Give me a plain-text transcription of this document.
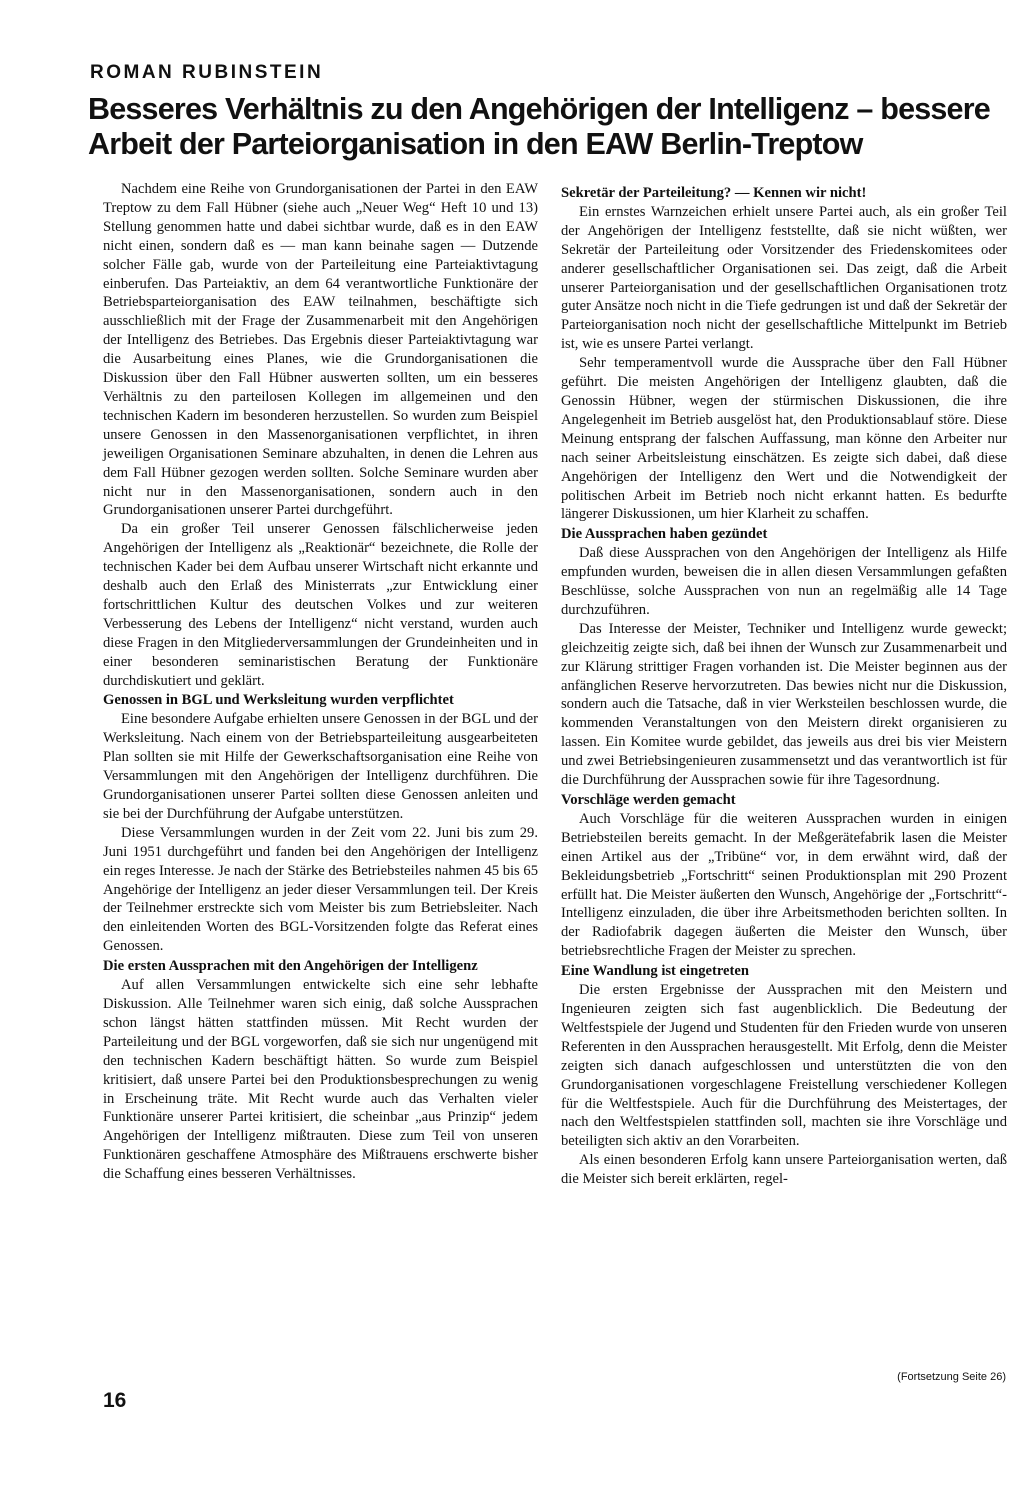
ROMAN RUBINSTEIN
Besseres Verhältnis zu den Angehörigen der Intelligenz – bessere
Arbeit der Parteiorganisation in den EAW Berlin-Treptow

Nachdem eine Reihe von Grundorganisationen der Partei in den EAW Treptow zu dem Fall Hübner (siehe auch „Neuer Weg“ Heft 10 und 13) Stellung genommen hatte und dabei sichtbar wurde, daß es in den EAW nicht einen, sondern daß es — man kann beinahe sagen — Dutzende solcher Fälle gab, wurde von der Parteileitung eine Parteiaktivtagung einberufen. Das Parteiaktiv, an dem 64 verantwortliche Funktionäre der Betriebsparteiorganisation des EAW teilnahmen, beschäftigte sich ausschließlich mit der Frage der Zusammenarbeit mit den Angehörigen der Intelligenz des Betriebes. Das Ergebnis dieser Parteiaktivtagung war die Ausarbeitung eines Planes, wie die Grundorganisationen die Diskussion über den Fall Hübner auswerten sollten, um ein besseres Verhältnis zu den parteilosen Kollegen im allgemeinen und den technischen Kadern im besonderen herzustellen. So wurden zum Beispiel unsere Genossen in den Massenorganisationen verpflichtet, in ihren jeweiligen Organisationen Seminare abzuhalten, in denen die Lehren aus dem Fall Hübner gezogen werden sollten. Solche Seminare wurden aber nicht nur in den Massenorganisationen, sondern auch in den Grundorganisationen unserer Partei durchgeführt.

Da ein großer Teil unserer Genossen fälschlicherweise jeden Angehörigen der Intelligenz als „Reaktionär“ bezeichnete, die Rolle der technischen Kader bei dem Aufbau unserer Wirtschaft nicht erkannte und deshalb auch den Erlaß des Ministerrats „zur Entwicklung einer fortschrittlichen Kultur des deutschen Volkes und zur weiteren Verbesserung des Lebens der Intelligenz“ nicht verstand, wurden auch diese Fragen in den Mitgliederversammlungen der Grundeinheiten und in einer besonderen seminaristischen Beratung der Funktionäre durchdiskutiert und geklärt.

Genossen in BGL und Werksleitung wurden verpflichtet

Eine besondere Aufgabe erhielten unsere Genossen in der BGL und der Werksleitung. Nach einem von der Betriebsparteileitung ausgearbeiteten Plan sollten sie mit Hilfe der Gewerkschaftsorganisation eine Reihe von Versammlungen mit den Angehörigen der Intelligenz durchführen. Die Grundorganisationen unserer Partei sollten diese Genossen anleiten und sie bei der Durchführung der Aufgabe unterstützen.

Diese Versammlungen wurden in der Zeit vom 22. Juni bis zum 29. Juni 1951 durchgeführt und fanden bei den Angehörigen der Intelligenz ein reges Interesse. Je nach der Stärke des Betriebsteiles nahmen 45 bis 65 Angehörige der Intelligenz an jeder dieser Versammlungen teil. Der Kreis der Teilnehmer erstreckte sich vom Meister bis zum Betriebsleiter. Nach den einleitenden Worten des BGL-Vorsitzenden folgte das Referat eines Genossen.

Die ersten Aussprachen mit den Angehörigen der Intelligenz

Auf allen Versammlungen entwickelte sich eine sehr lebhafte Diskussion. Alle Teilnehmer waren sich einig, daß solche Aussprachen schon längst hätten stattfinden müssen. Mit Recht wurden der Parteileitung und der BGL vorgeworfen, daß sie sich nur ungenügend mit den technischen Kadern beschäftigt hätten. So wurde zum Beispiel kritisiert, daß unsere Partei bei den Produktionsbesprechungen zu wenig in Erscheinung träte. Mit Recht wurde auch das Verhalten vieler Funktionäre unserer Partei kritisiert, die scheinbar „aus Prinzip“ jedem Angehörigen der Intelligenz mißtrauten. Diese zum Teil von unseren Funktionären geschaffene Atmosphäre des Mißtrauens erschwerte bisher die Schaffung eines besseren Verhältnisses.

Sekretär der Parteileitung? — Kennen wir nicht!

Ein ernstes Warnzeichen erhielt unsere Partei auch, als ein großer Teil der Angehörigen der Intelligenz feststellte, daß sie nicht wüßten, wer Sekretär der Parteileitung oder Vorsitzender des Friedenskomitees oder anderer gesellschaftlicher Organisationen sei. Das zeigt, daß die Arbeit unserer Parteiorganisation und der gesellschaftlichen Organisationen trotz guter Ansätze noch nicht in die Tiefe gedrungen ist und daß der Sekretär der Parteiorganisation noch nicht der gesellschaftliche Mittelpunkt im Betrieb ist, wie es unsere Partei verlangt.

Sehr temperamentvoll wurde die Aussprache über den Fall Hübner geführt. Die meisten Angehörigen der Intelligenz glaubten, daß die Genossin Hübner, wegen der stürmischen Diskussionen, die ihre Angelegenheit im Betrieb ausgelöst hat, den Produktionsablauf störe. Diese Meinung entsprang der falschen Auffassung, man könne den Arbeiter nur nach seiner Arbeitsleistung einschätzen. Es zeigte sich dabei, daß diese Angehörigen der Intelligenz den Wert und die Notwendigkeit der politischen Arbeit im Betrieb noch nicht erkannt hatten. Es bedurfte längerer Diskussionen, um hier Klarheit zu schaffen.

Die Aussprachen haben gezündet

Daß diese Aussprachen von den Angehörigen der Intelligenz als Hilfe empfunden wurden, beweisen die in allen diesen Versammlungen gefaßten Beschlüsse, solche Aussprachen von nun an regelmäßig alle 14 Tage durchzuführen.

Das Interesse der Meister, Techniker und Intelligenz wurde geweckt; gleichzeitig zeigte sich, daß bei ihnen der Wunsch zur Zusammenarbeit und zur Klärung strittiger Fragen vorhanden ist. Die Meister beginnen aus der anfänglichen Reserve hervorzutreten. Das bewies nicht nur die Diskussion, sondern auch die Tatsache, daß in vier Werksteilen beschlossen wurde, die kommenden Veranstaltungen von den Meistern direkt organisieren zu lassen. Ein Komitee wurde gebildet, das jeweils aus drei bis vier Meistern und zwei Betriebsingenieuren zusammensetzt und das verantwortlich ist für die Durchführung der Aussprachen sowie für ihre Tagesordnung.

Vorschläge werden gemacht

Auch Vorschläge für die weiteren Aussprachen wurden in einigen Betriebsteilen bereits gemacht. In der Meßgerätefabrik lasen die Meister einen Artikel aus der „Tribüne“ vor, in dem erwähnt wird, daß der Bekleidungsbetrieb „Fortschritt“ seinen Produktionsplan mit 290 Prozent erfüllt hat. Die Meister äußerten den Wunsch, Angehörige der „Fortschritt“-Intelligenz einzuladen, die über ihre Arbeitsmethoden berichten sollten. In der Radiofabrik dagegen äußerten die Meister den Wunsch, über betriebsrechtliche Fragen der Meister zu sprechen.

Eine Wandlung ist eingetreten

Die ersten Ergebnisse der Aussprachen mit den Meistern und Ingenieuren zeigten sich fast augenblicklich. Die Bedeutung der Weltfestspiele der Jugend und Studenten für den Frieden wurde von unseren Referenten in den Aussprachen herausgestellt. Mit Erfolg, denn die Meister zeigten sich danach aufgeschlossen und unterstützten die von den Grundorganisationen vorgeschlagene Freistellung verschiedener Kollegen für die Weltfestspiele. Auch für die Durchführung des Meistertages, der nach den Weltfestspielen stattfinden soll, machten sie ihre Vorschläge und beteiligten sich aktiv an den Vorarbeiten.

Als einen besonderen Erfolg kann unsere Parteiorganisation werten, daß die Meister sich bereit erklärten, regel-

(Fortsetzung Seite 26)
16
